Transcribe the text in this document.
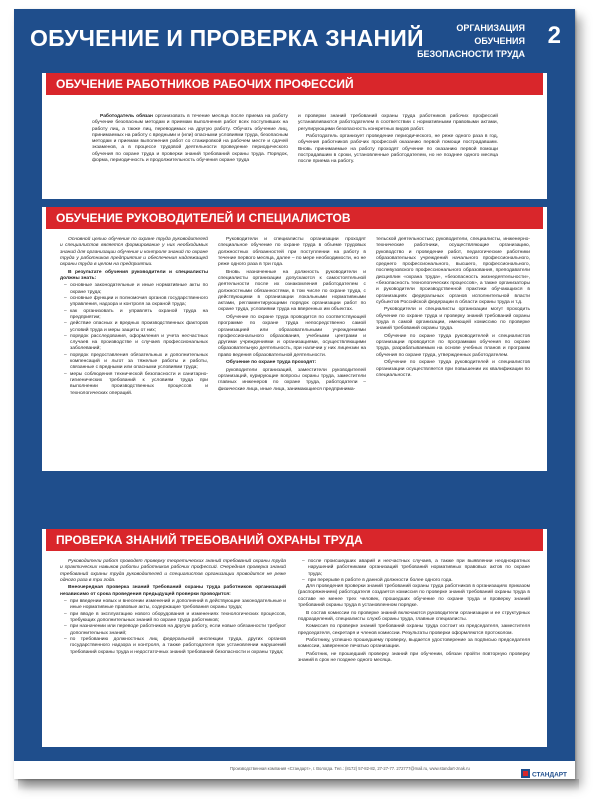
ОБУЧЕНИЕ И ПРОВЕРКА ЗНАНИЙ	ОРГАНИЗАЦИЯ ОБУЧЕНИЯ
БЕЗОПАСНОСТИ ТРУДА
2
ОБУЧЕНИЕ РАБОТНИКОВ РАБОЧИХ ПРОФЕССИЙ

Работодатель обязан организовать в течение месяца после приема на работу обучение безопасным методам и приемам выполнения работ всех поступивших на работу лиц, а также лиц, переводимых на другую работу. Обучать обучение лиц, принимаемых на работу с вредными и (или) опасными условиями труда, безопасным методам и приемам выполнения работ со стажировкой на рабочем месте и сдачей экзаменов, а в процессе трудовой деятельности проведение периодического обучения по охране труда и проверки знаний требований охраны труда. Порядок, форма, периодичность и продолжительность обучения охране труда

и проверки знаний требований охраны труда работников рабочих профессий устанавливаются работодателем в соответствии с нормативными правовыми актами, регулирующими безопасность конкретных видов работ.

Работодатель организует проведение периодического, не реже одного раза в год, обучения работников рабочих профессий оказанию первой помощи пострадавшим. Вновь принимаемые на работу проходят обучение по оказанию первой помощи пострадавшим в сроки, установленные работодателем, но не позднее одного месяца после приема на работу.

ОБУЧЕНИЕ РУКОВОДИТЕЛЕЙ И СПЕЦИАЛИСТОВ

Основной целью обучения по охране труда руководителей и специалистов является формирование у них необходимых знаний для организации обучения и контроля знаний по охране труда у работников предприятия и обеспечения надлежащей охраны труда в целом на предприятии.

В результате обучения руководители и специалисты должны знать:

– основные законодательные и иные нормативные акты по охране труда;
– основные функции и полномочия органов государственного управления, надзора и контроля за охраной труда;
– как организовать и управлять охраной труда на предприятии;
– действие опасных и вредных производственных факторов условий труда и меры защиты от них;
– порядок расследования, оформления и учета несчастных случаев на производстве и случаев профессиональных заболеваний;
– порядок предоставления обязательных и дополнительных компенсаций и льгот за тяжелые работы и работы, связанные с вредными или опасными условиями труда;
– меры соблюдения технической безопасности и санитарно-гигиенических требований к условиям труда при выполнении производственных процессов и технологических операций.

Руководители и специалисты организации проходят специальное обучение по охране труда в объеме трудовых должностных обязанностей при поступлении на работу в течение первого месяца, далее – по мере необходимости, но не реже одного раза в три года.

Вновь назначенные на должность руководители и специалисты организации допускаются к самостоятельной деятельности после их ознакомления работодателем с должностными обязанностями, в том числе по охране труда, с действующими в организации локальными нормативными актами, регламентирующими порядок организации работ по охране труда, условиями труда на вверенных им объектах.

Обучение по охране труда проводится по соответствующей программе по охране труда непосредственно самой организацией или образовательными учреждениями профессионального образования, учебными центрами и другими учреждениями и организациями, осуществляющими образовательную деятельность, при наличии у них лицензии на право ведения образовательной деятельности.

Обучение по охране труда проходят:

руководители организаций, заместители руководителей организаций, курирующие вопросы охраны труда, заместители главных инженеров по охране труда, работодатели – физические лица, иные лица, занимающиеся предпринима-

тельской деятельностью; руководители, специалисты, инженерно-технические работники, осуществляющие организацию, руководство и проведение работ, педагогические работники образовательных учреждений начального профессионального, среднего профессионального, высшего, профессионального, послевузовского профессионального образования, преподаватели дисциплин «охрана труда», «безопасность жизнедеятельности», «безопасность технологических процессов», а также организаторы и руководители производственной практики обучающихся в организациях федеральных органов исполнительной власти субъектов Российской федерации в области охраны труда и т.д.

Руководители и специалисты организации могут проходить обучение по охране труда и проверку знаний требований охраны труда в самой организации, имеющей комиссию по проверке знаний требований охраны труда.

Обучение по охране труда руководителей и специалистов организации проводится по программам обучения по охране труда, разрабатываемым на основе учебных планов и программ обучения по охране труда, утвержденных работодателем.

Обучение по охране труда руководителей и специалистов организации осуществляется при повышении их квалификации по специальности.

ПРОВЕРКА ЗНАНИЙ ТРЕБОВАНИЙ ОХРАНЫ ТРУДА

Руководители работ проводят проверку теоретических знаний требований охраны труда и практических навыков работы работников рабочих профессий. Очередная проверка знаний требований охраны труда руководителей и специалистов организации проводится не реже одного раза в три года.

Внеочередная проверка знаний требований охраны труда работников организаций независимо от срока проведения предыдущей проверки проводится:

– при введении новых и внесении изменений и дополнений в действующие законодательные и иные нормативные правовые акты, содержащие требования охраны труда;
– при вводе в эксплуатацию нового оборудования и изменениях технологических процессов, требующих дополнительных знаний по охране труда работников;
– при назначении или переводе работников на другую работу, если новые обязанности требуют дополнительных знаний;
– по требованию должностных лиц федеральной инспекции труда, других органов государственного надзора и контроля, а также работодателя при установлении нарушений требований охраны труда и недостаточных знаний требований безопасности и охраны труда;
– после происшедших аварий и несчастных случаев, а также при выявлении неоднократных нарушений работниками организаций требований нормативных правовых актов по охране труда;
– при перерыве в работе в данной должности более одного года.

Для проведения проверки знаний требований охраны труда работников в организациях приказом (распоряжением) работодателя создается комиссия по проверке знаний требований охраны труда в составе не менее трех человек, прошедших обучение по охране труда и проверку знаний требований охраны труда в установленном порядке.

В состав комиссии по проверке знаний включаются руководители организации и ее структурных подразделений, специалисты служб охраны труда, главные специалисты.

Комиссия по проверке знаний требований охраны труда состоит из председателя, заместителя председателя, секретаря и членов комиссии. Результаты проверки оформляются протоколом.

Работнику, успешно прошедшему проверку, выдается удостоверение за подписью председателя комиссии, заверенное печатью организации.

Работник, не прошедший проверку знаний при обучении, обязан пройти повторную проверку знаний в срок не позднее одного месяца.

Производственная компания «Стандарт», г. Вологда. Тел.: (8172) 57-82-82, 27-27-77. 272777@mail.ru, www.standart-znak.ru
СТАНДАРТ
